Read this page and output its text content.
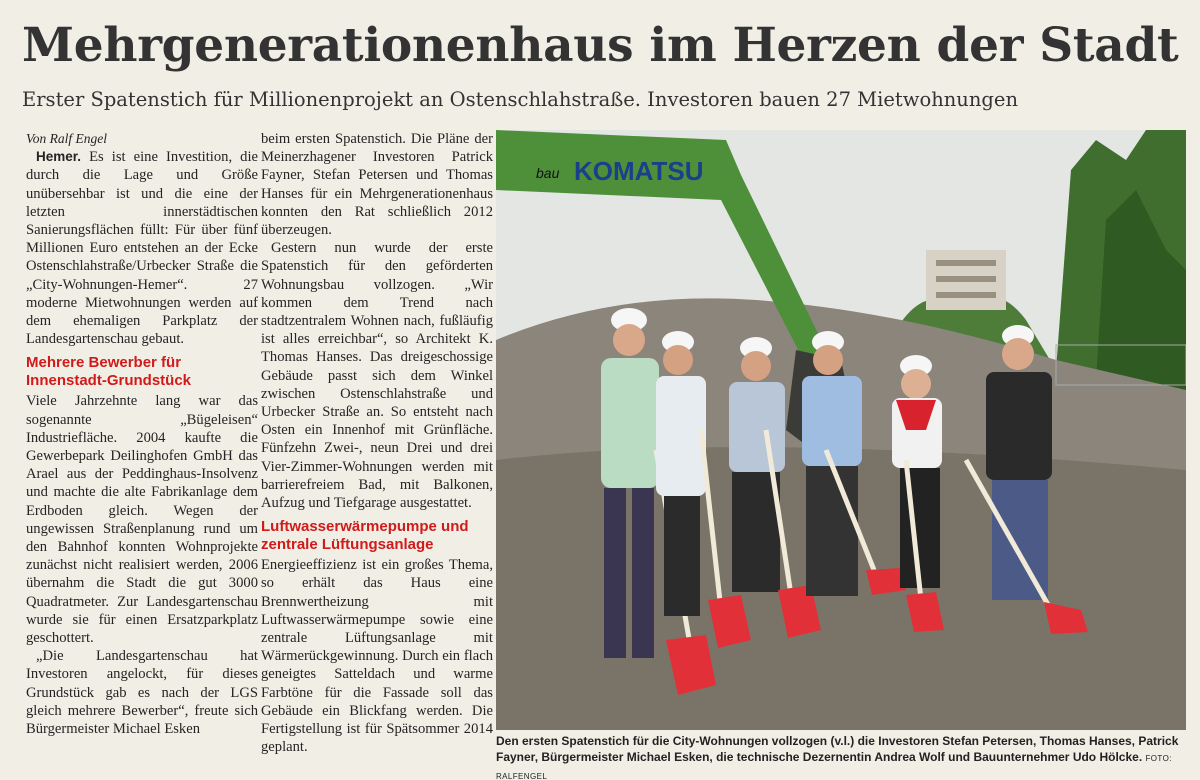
Mehrgenerationenhaus im Herzen der Stadt
Erster Spatenstich für Millionenprojekt an Ostenschlahstraße. Investoren bauen 27 Mietwohnungen

Von Ralf Engel

Hemer. Es ist eine Investition, die durch die Lage und Größe unübersehbar ist und die eine der letzten innerstädtischen Sanierungsflächen füllt: Für über fünf Millionen Euro entstehen an der Ecke Ostenschlahstraße/Urbecker Straße die „City-Wohnungen-Hemer“. 27 moderne Mietwohnungen werden auf dem ehemaligen Parkplatz der Landesgartenschau gebaut.

Mehrere Bewerber für Innenstadt-Grundstück

Viele Jahrzehnte lang war das sogenannte „Bügeleisen“ Industriefläche. 2004 kaufte die Gewerbepark Deilinghofen GmbH das Arael aus der Peddinghaus-Insolvenz und machte die alte Fabrikanlage dem Erdboden gleich. Wegen der ungewissen Straßenplanung rund um den Bahnhof konnten Wohnprojekte zunächst nicht realisiert werden, 2006 übernahm die Stadt die gut 3000 Quadratmeter. Zur Landesgartenschau wurde sie für einen Ersatzparkplatz geschottert.

„Die Landesgartenschau hat Investoren angelockt, für dieses Grundstück gab es nach der LGS gleich mehrere Bewerber“, freute sich Bürgermeister Michael Esken

beim ersten Spatenstich. Die Pläne der Meinerzhagener Investoren Patrick Fayner, Stefan Petersen und Thomas Hanses für ein Mehrgenerationenhaus konnten den Rat schließlich 2012 überzeugen.

Gestern nun wurde der erste Spatenstich für den geförderten Wohnungsbau vollzogen. „Wir kommen dem Trend nach stadtzentralem Wohnen nach, fußläufig ist alles erreichbar“, so Architekt K. Thomas Hanses. Das dreigeschossige Gebäude passt sich dem Winkel zwischen Ostenschlahstraße und Urbecker Straße an. So entsteht nach Osten ein Innenhof mit Grünfläche. Fünfzehn Zwei-, neun Drei und drei Vier-Zimmer-Wohnungen werden mit barrierefreiem Bad, mit Balkonen, Aufzug und Tiefgarage ausgestattet.

Luftwasserwärmepumpe und zentrale Lüftungsanlage

Energieeffizienz ist ein großes Thema, so erhält das Haus eine Brennwertheizung mit Luftwasserwärmepumpe sowie eine zentrale Lüftungsanlage mit Wärmerückgewinnung. Durch ein flach geneigtes Satteldach und warme Farbtöne für die Fassade soll das Gebäude ein Blickfang werden. Die Fertigstellung ist für Spätsommer 2014 geplant.

bau KOMATSU
Den ersten Spatenstich für die City-Wohnungen vollzogen (v.l.) die Investoren Stefan Petersen, Thomas Hanses, Patrick Fayner, Bürgermeister Michael Esken, die technische Dezernentin Andrea Wolf und Bauunternehmer Udo Hölcke. FOTO: RALFENGEL
